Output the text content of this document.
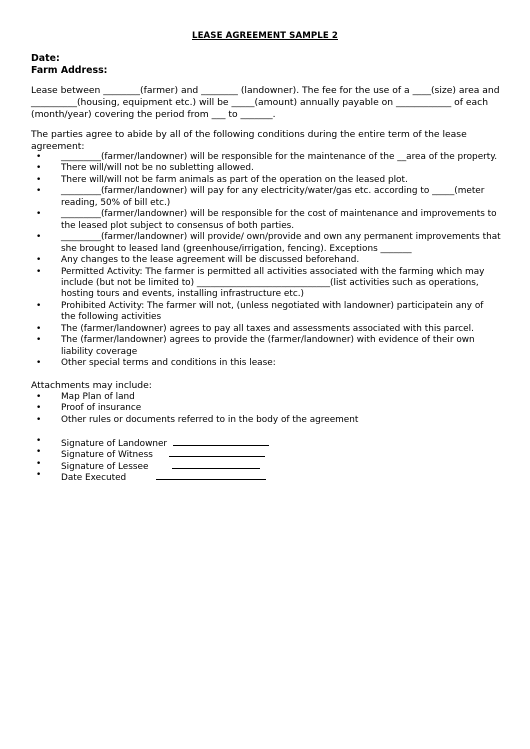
LEASE AGREEMENT SAMPLE 2
Date:
Farm Address:
Lease between ________(farmer) and ________ (landowner). The fee for the use of a ____(size) area and
__________(housing, equipment etc.) will be _____(amount) annually payable on ____________ of each
(month/year) covering the period from ___ to _______.
The parties agree to abide by all of the following conditions during the entire term of the lease agreement:
• _________(farmer/landowner) will be responsible for the maintenance of the __area of the property.
• There will/will not be no subletting allowed.
• There will/will not be farm animals as part of the operation on the leased plot.
• _________(farmer/landowner) will pay for any electricity/water/gas etc. according to _____(meter
reading, 50% of bill etc.)
• _________(farmer/landowner) will be responsible for the cost of maintenance and improvements to
the leased plot subject to consensus of both parties.
• _________(farmer/landowner) will provide/ own/provide and own any permanent improvements that
she brought to leased land (greenhouse/irrigation, fencing). Exceptions _______
• Any changes to the lease agreement will be discussed beforehand.
• Permitted Activity: The farmer is permitted all activities associated with the farming which may
include (but not be limited to) ______________________________(list activities such as operations,
hosting tours and events, installing infrastructure etc.)
• Prohibited Activity: The farmer will not, (unless negotiated with landowner) participatein any of
the following activities
• The (farmer/landowner) agrees to pay all taxes and assessments associated with this parcel.
• The (farmer/landowner) agrees to provide the (farmer/landowner) with evidence of their own
liability coverage
• Other special terms and conditions in this lease:
Attachments may include:
• Map Plan of land
• Proof of insurance
• Other rules or documents referred to in the body of the agreement
• Signature of Landowner
• Signature of Witness
• Signature of Lessee
• Date Executed
